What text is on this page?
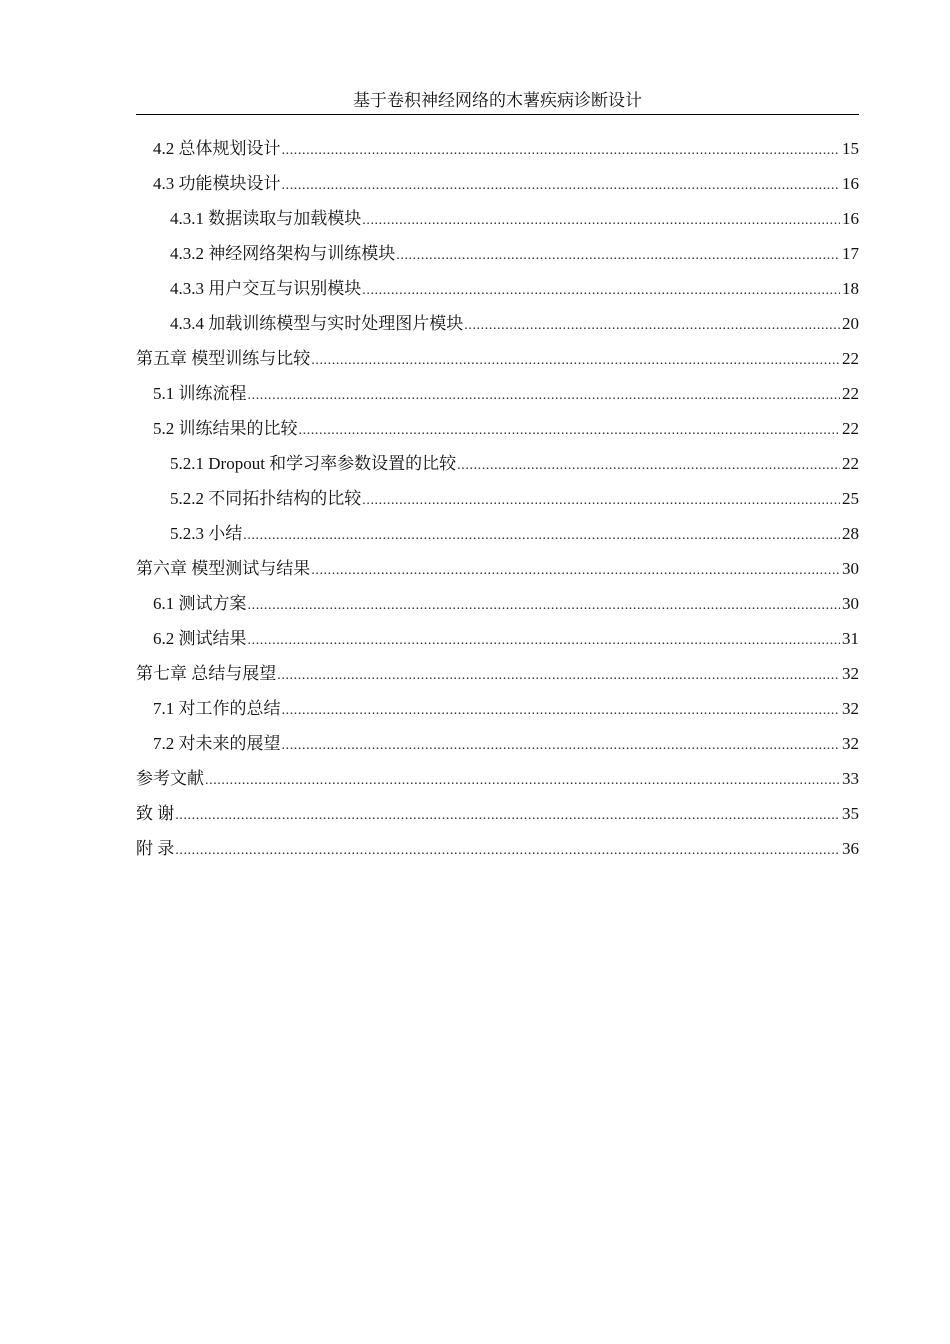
基于卷积神经网络的木薯疾病诊断设计
4.2 总体规划设计 .....	15
4.3 功能模块设计 .....	16
4.3.1 数据读取与加载模块 .....	16
4.3.2 神经网络架构与训练模块 .....	17
4.3.3 用户交互与识别模块 .....	18
4.3.4 加载训练模型与实时处理图片模块 .....	20
第五章 模型训练与比较 .....	22
5.1 训练流程 .....	22
5.2 训练结果的比较 .....	22
5.2.1 Dropout 和学习率参数设置的比较 .....	22
5.2.2 不同拓扑结构的比较 .....	25
5.2.3 小结 .....	28
第六章 模型测试与结果 .....	30
6.1 测试方案 .....	30
6.2 测试结果 .....	31
第七章 总结与展望 .....	32
7.1 对工作的总结 .....	32
7.2 对未来的展望 .....	32
参考文献 .....	33
致 谢 .....	35
附 录 .....	36
